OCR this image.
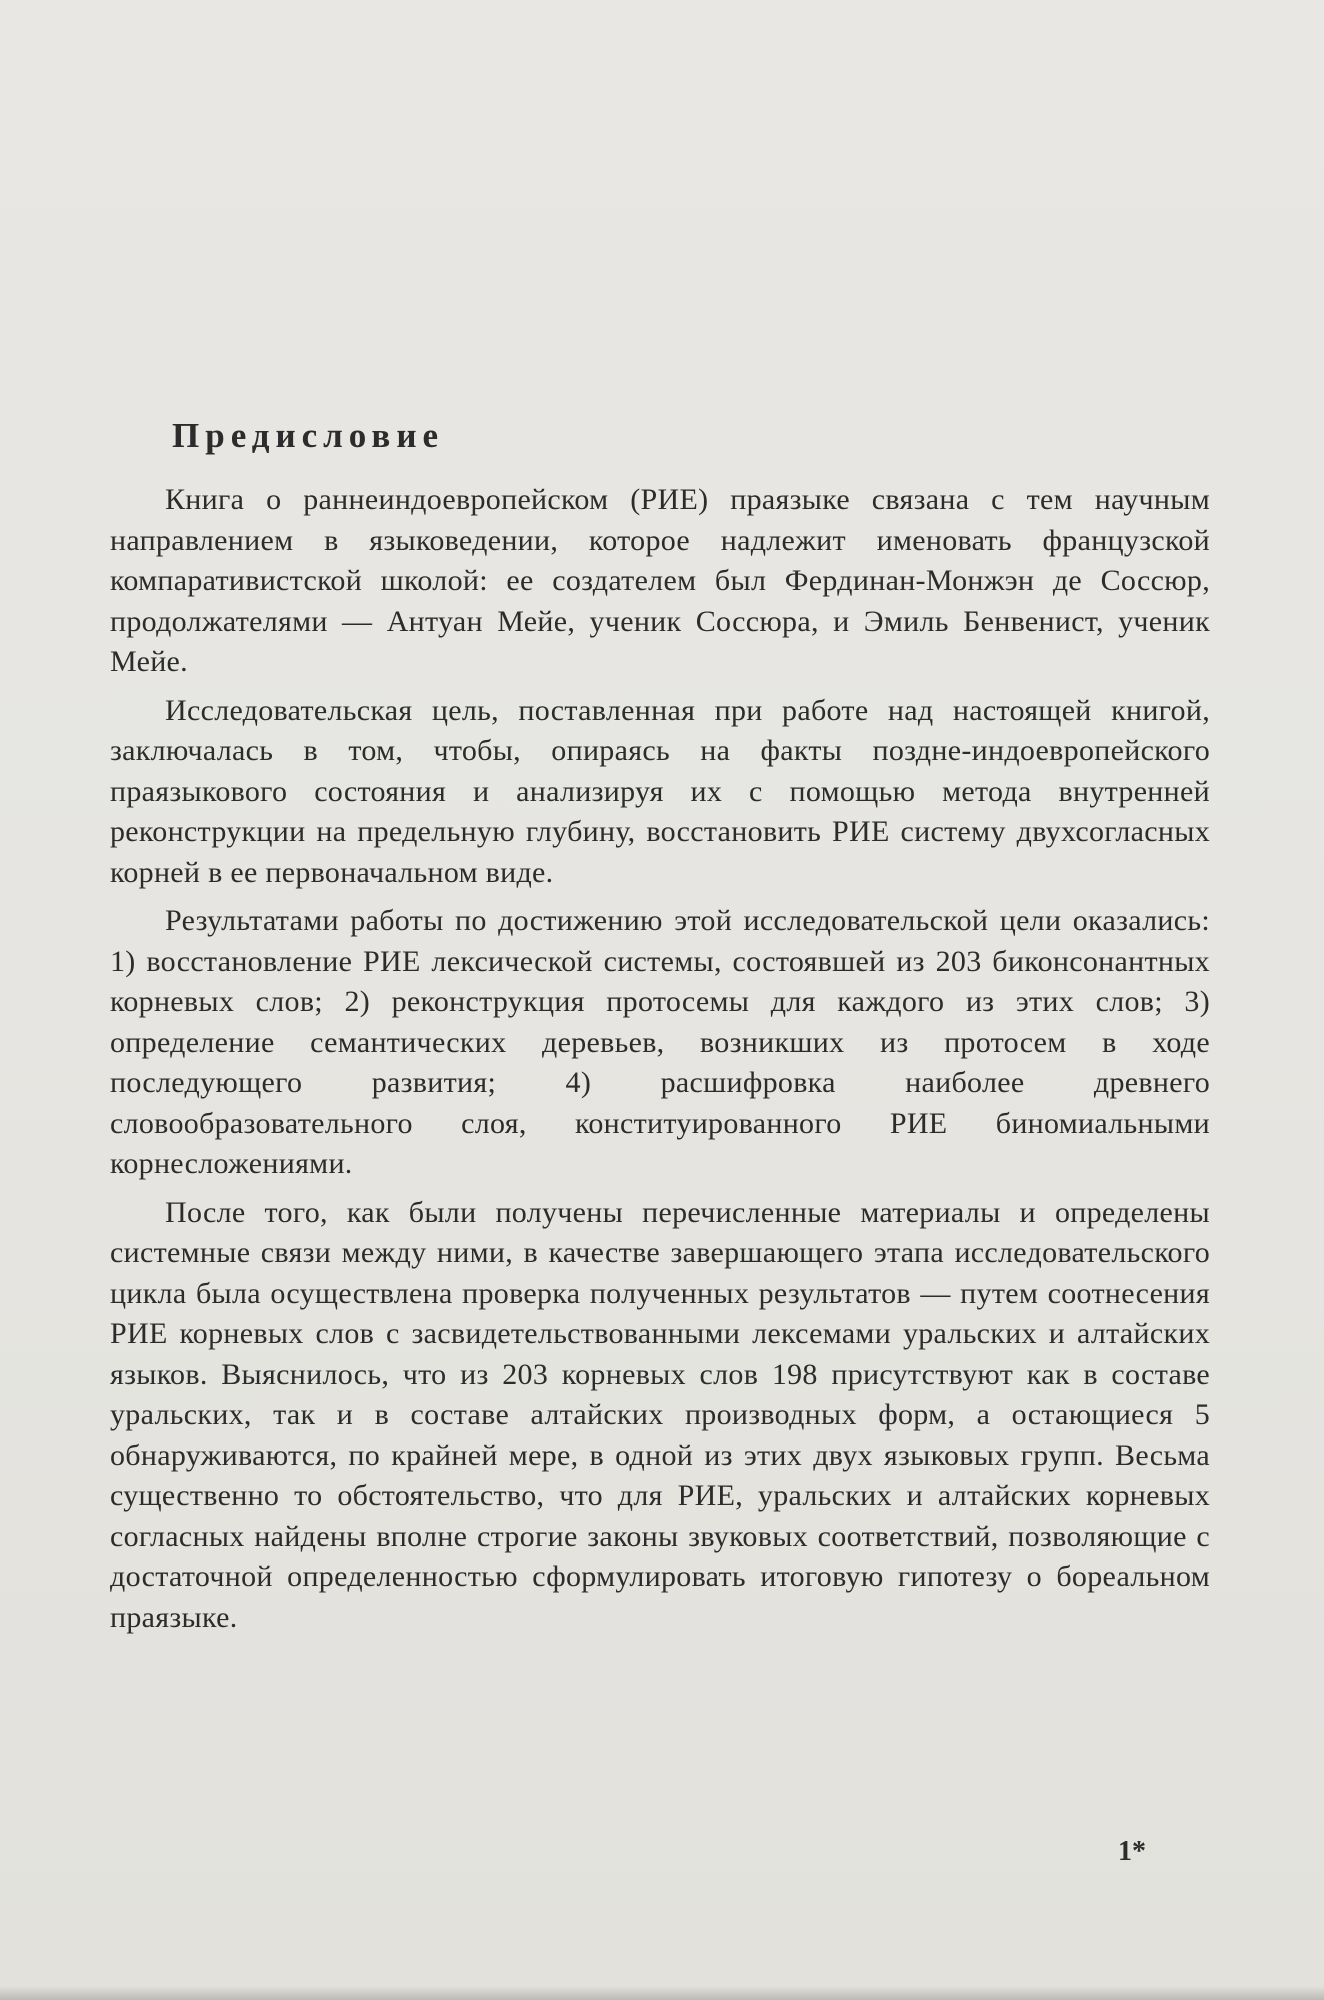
Предисловие

Книга о раннеиндоевропейском (РИЕ) праязыке связана с тем научным направлением в языковедении, которое надлежит именовать французской компаративистской школой: ее создателем был Фердинан-Монжэн де Соссюр, продолжателями — Антуан Мейе, ученик Соссюра, и Эмиль Бенвенист, ученик Мейе.

Исследовательская цель, поставленная при работе над настоящей книгой, заключалась в том, чтобы, опираясь на факты поздне-индоевропейского праязыкового состояния и анализируя их с помощью метода внутренней реконструкции на предельную глубину, восстановить РИЕ систему двухсогласных корней в ее первоначальном виде.

Результатами работы по достижению этой исследовательской цели оказались: 1) восстановление РИЕ лексической системы, состоявшей из 203 биконсонантных корневых слов; 2) реконструкция протосемы для каждого из этих слов; 3) определение семантических деревьев, возникших из протосем в ходе последующего развития; 4) расшифровка наиболее древнего словообразовательного слоя, конституированного РИЕ биномиальными корнесложениями.

После того, как были получены перечисленные материалы и определены системные связи между ними, в качестве завершающего этапа исследовательского цикла была осуществлена проверка полученных результатов — путем соотнесения РИЕ корневых слов с засвидетельствованными лексемами уральских и алтайских языков. Выяснилось, что из 203 корневых слов 198 присутствуют как в составе уральских, так и в составе алтайских производных форм, а остающиеся 5 обнаруживаются, по крайней мере, в одной из этих двух языковых групп. Весьма существенно то обстоятельство, что для РИЕ, уральских и алтайских корневых согласных найдены вполне строгие законы звуковых соответствий, позволяющие с достаточной определенностью сформулировать итоговую гипотезу о бореальном праязыке.

1*
